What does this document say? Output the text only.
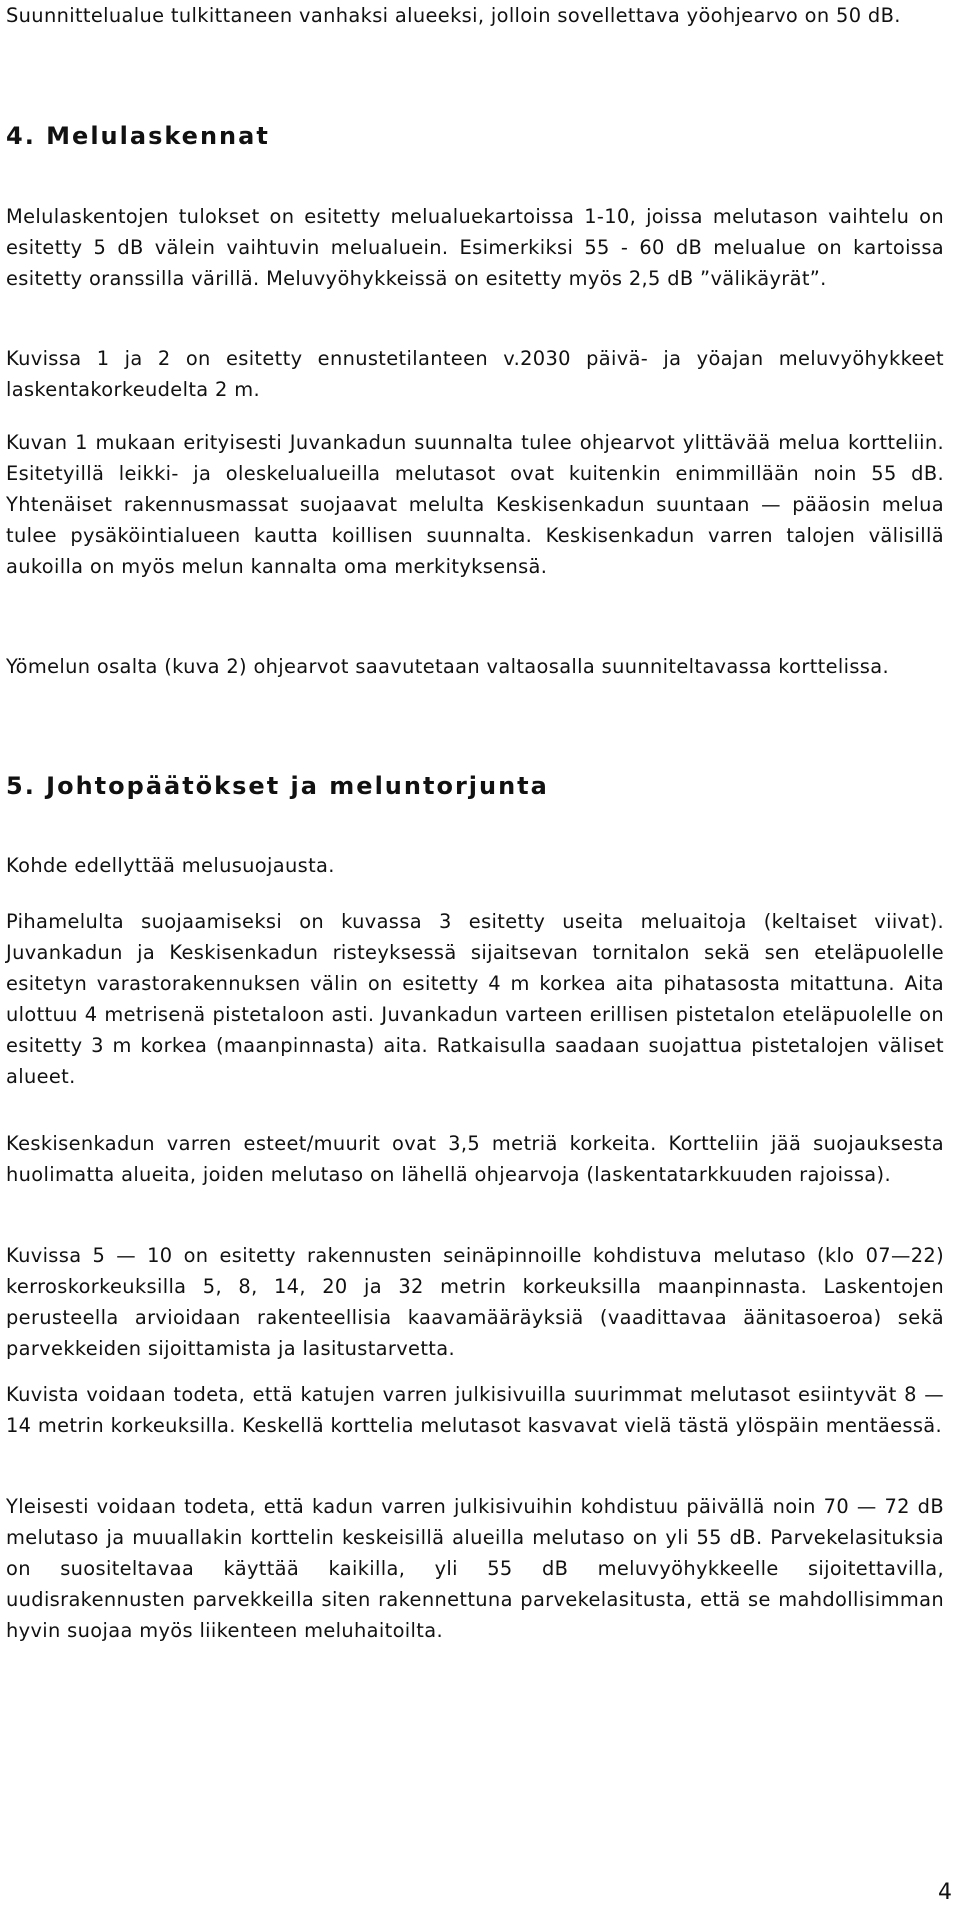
Suunnittelualue tulkittaneen vanhaksi alueeksi, jolloin sovellettava yöohjearvo on 50 dB.

4. Melulaskennat

Melulaskentojen tulokset on esitetty melualuekartoissa 1-10, joissa melutason vaihtelu on esitetty 5 dB välein vaihtuvin melualuein. Esimerkiksi 55 - 60 dB melualue on kartoissa esitetty oranssilla värillä. Meluvyöhykkeissä on esitetty myös 2,5 dB ”välikäyrät”.

Kuvissa 1 ja 2 on esitetty ennustetilanteen v.2030 päivä- ja yöajan meluvyöhykkeet laskentakorkeudelta 2 m.

Kuvan 1 mukaan erityisesti Juvankadun suunnalta tulee ohjearvot ylittävää melua kortteliin. Esitetyillä leikki- ja oleskelualueilla melutasot ovat kuitenkin enimmillään noin 55 dB. Yhtenäiset rakennusmassat suojaavat melulta Keskisenkadun suuntaan — pääosin melua tulee pysäköintialueen kautta koillisen suunnalta. Keskisenkadun varren talojen välisillä aukoilla on myös melun kannalta oma merkityksensä.

Yömelun osalta (kuva 2) ohjearvot saavutetaan valtaosalla suunniteltavassa korttelissa.

5. Johtopäätökset ja meluntorjunta

Kohde edellyttää melusuojausta.

Pihamelulta suojaamiseksi on kuvassa 3 esitetty useita meluaitoja (keltaiset viivat). Juvankadun ja Keskisenkadun risteyksessä sijaitsevan tornitalon sekä sen eteläpuolelle esitetyn varastorakennuksen välin on esitetty 4 m korkea aita pihatasosta mitattuna. Aita ulottuu 4 metrisenä pistetaloon asti. Juvankadun varteen erillisen pistetalon eteläpuolelle on esitetty 3 m korkea (maanpinnasta) aita. Ratkaisulla saadaan suojattua pistetalojen väliset alueet.

Keskisenkadun varren esteet/muurit ovat 3,5 metriä korkeita. Kortteliin jää suojauksesta huolimatta alueita, joiden melutaso on lähellä ohjearvoja (laskentatarkkuuden rajoissa).

Kuvissa 5 — 10 on esitetty rakennusten seinäpinnoille kohdistuva melutaso (klo 07—22) kerroskorkeuksilla 5, 8, 14, 20 ja 32 metrin korkeuksilla maanpinnasta. Laskentojen perusteella arvioidaan rakenteellisia kaavamääräyksiä (vaadittavaa äänitasoeroa) sekä parvekkeiden sijoittamista ja lasitustarvetta.

Kuvista voidaan todeta, että katujen varren julkisivuilla suurimmat melutasot esiintyvät 8 — 14 metrin korkeuksilla. Keskellä korttelia melutasot kasvavat vielä tästä ylöspäin mentäessä.

Yleisesti voidaan todeta, että kadun varren julkisivuihin kohdistuu päivällä noin 70 — 72 dB melutaso ja muuallakin korttelin keskeisillä alueilla melutaso on yli 55 dB. Parvekelasituksia on suositeltavaa käyttää kaikilla, yli 55 dB meluvyöhykkeelle sijoitettavilla, uudisrakennusten parvekkeilla siten rakennettuna parvekelasitusta, että se mahdollisimman hyvin suojaa myös liikenteen meluhaitoilta.

4
